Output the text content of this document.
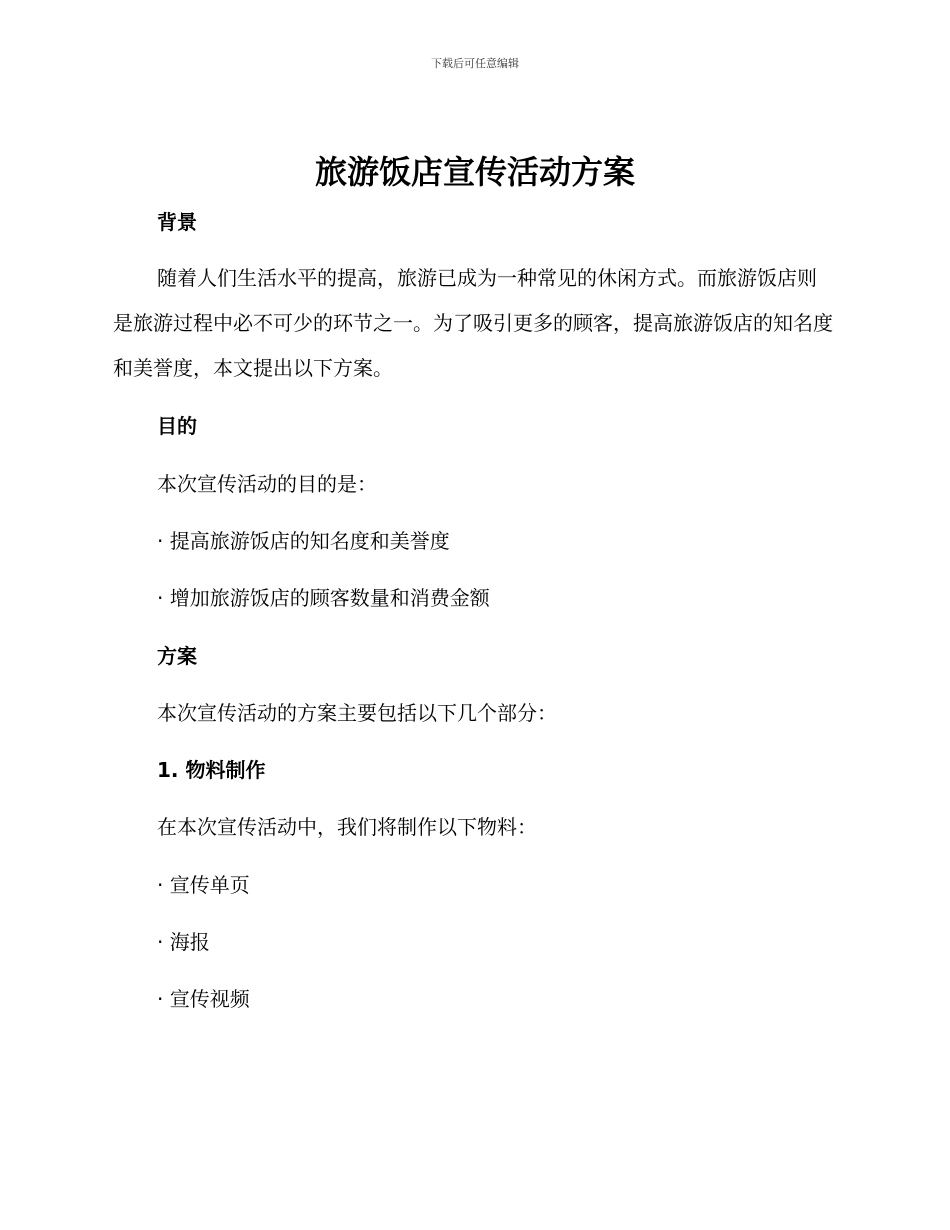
下载后可任意编辑
旅游饭店宣传活动方案
背景
随着人们生活水平的提高，旅游已成为一种常见的休闲方式。而旅游饭店则是旅游过程中必不可少的环节之一。为了吸引更多的顾客，提高旅游饭店的知名度和美誉度，本文提出以下方案。
目的
本次宣传活动的目的是：
· 提高旅游饭店的知名度和美誉度
· 增加旅游饭店的顾客数量和消费金额
方案
本次宣传活动的方案主要包括以下几个部分：
1. 物料制作
在本次宣传活动中，我们将制作以下物料：
· 宣传单页
· 海报
· 宣传视频
